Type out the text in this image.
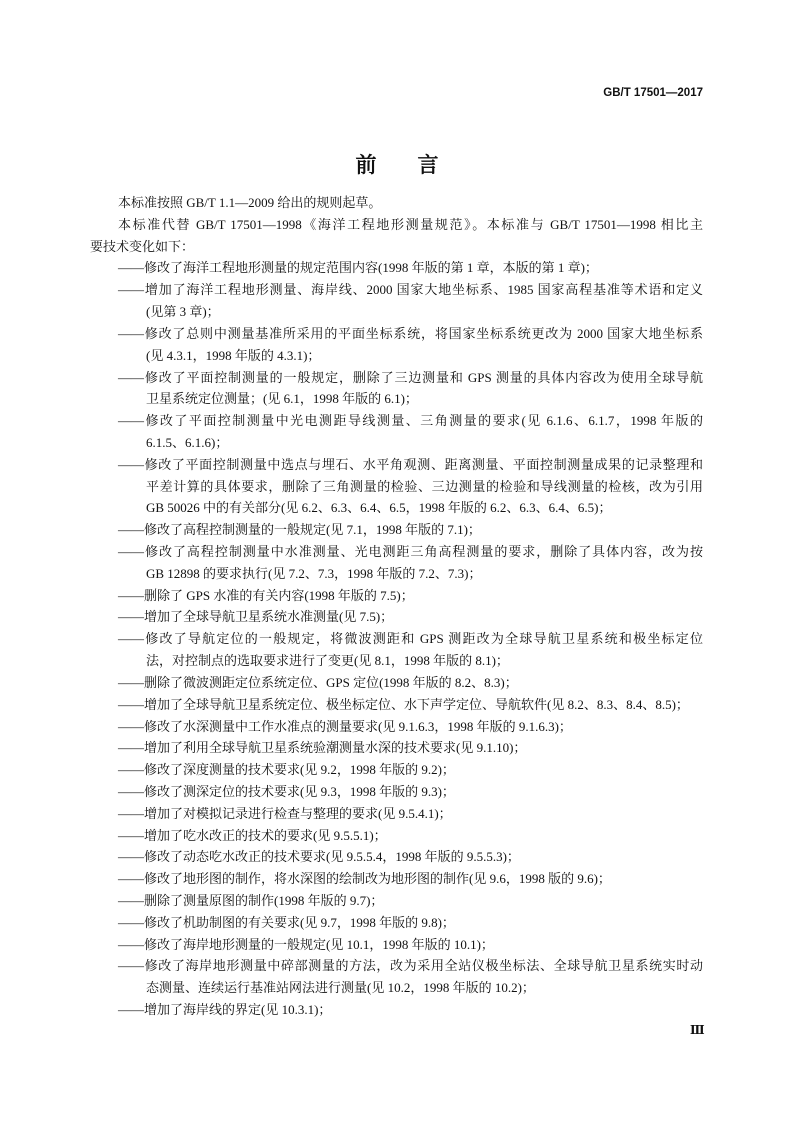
GB/T 17501—2017
前言
本标准按照 GB/T 1.1—2009 给出的规则起草。
本标准代替 GB/T 17501—1998《海洋工程地形测量规范》。本标准与 GB/T 17501—1998 相比主
要技术变化如下：
——修改了海洋工程地形测量的规定范围内容(1998 年版的第 1 章，本版的第 1 章)；
——增加了海洋工程地形测量、海岸线、2000 国家大地坐标系、1985 国家高程基准等术语和定义
(见第 3 章)；
——修改了总则中测量基准所采用的平面坐标系统，将国家坐标系统更改为 2000 国家大地坐标系
(见 4.3.1，1998 年版的 4.3.1)；
——修改了平面控制测量的一般规定，删除了三边测量和 GPS 测量的具体内容改为使用全球导航
卫星系统定位测量；(见 6.1，1998 年版的 6.1)；
——修改了平面控制测量中光电测距导线测量、三角测量的要求(见 6.1.6、6.1.7，1998 年版的
6.1.5、6.1.6)；
——修改了平面控制测量中选点与埋石、水平角观测、距离测量、平面控制测量成果的记录整理和
平差计算的具体要求，删除了三角测量的检验、三边测量的检验和导线测量的检核，改为引用
GB 50026 中的有关部分(见 6.2、6.3、6.4、6.5，1998 年版的 6.2、6.3、6.4、6.5)；
——修改了高程控制测量的一般规定(见 7.1，1998 年版的 7.1)；
——修改了高程控制测量中水准测量、光电测距三角高程测量的要求，删除了具体内容，改为按
GB 12898 的要求执行(见 7.2、7.3，1998 年版的 7.2、7.3)；
——删除了 GPS 水准的有关内容(1998 年版的 7.5)；
——增加了全球导航卫星系统水准测量(见 7.5)；
——修改了导航定位的一般规定，将微波测距和 GPS 测距改为全球导航卫星系统和极坐标定位
法，对控制点的选取要求进行了变更(见 8.1，1998 年版的 8.1)；
——删除了微波测距定位系统定位、GPS 定位(1998 年版的 8.2、8.3)；
——增加了全球导航卫星系统定位、极坐标定位、水下声学定位、导航软件(见 8.2、8.3、8.4、8.5)；
——修改了水深测量中工作水准点的测量要求(见 9.1.6.3，1998 年版的 9.1.6.3)；
——增加了利用全球导航卫星系统验潮测量水深的技术要求(见 9.1.10)；
——修改了深度测量的技术要求(见 9.2，1998 年版的 9.2)；
——修改了测深定位的技术要求(见 9.3，1998 年版的 9.3)；
——增加了对模拟记录进行检查与整理的要求(见 9.5.4.1)；
——增加了吃水改正的技术的要求(见 9.5.5.1)；
——修改了动态吃水改正的技术要求(见 9.5.5.4，1998 年版的 9.5.5.3)；
——修改了地形图的制作，将水深图的绘制改为地形图的制作(见 9.6，1998 版的 9.6)；
——删除了测量原图的制作(1998 年版的 9.7)；
——修改了机助制图的有关要求(见 9.7，1998 年版的 9.8)；
——修改了海岸地形测量的一般规定(见 10.1，1998 年版的 10.1)；
——修改了海岸地形测量中碎部测量的方法，改为采用全站仪极坐标法、全球导航卫星系统实时动
态测量、连续运行基准站网法进行测量(见 10.2，1998 年版的 10.2)；
——增加了海岸线的界定(见 10.3.1)；
Ⅲ
